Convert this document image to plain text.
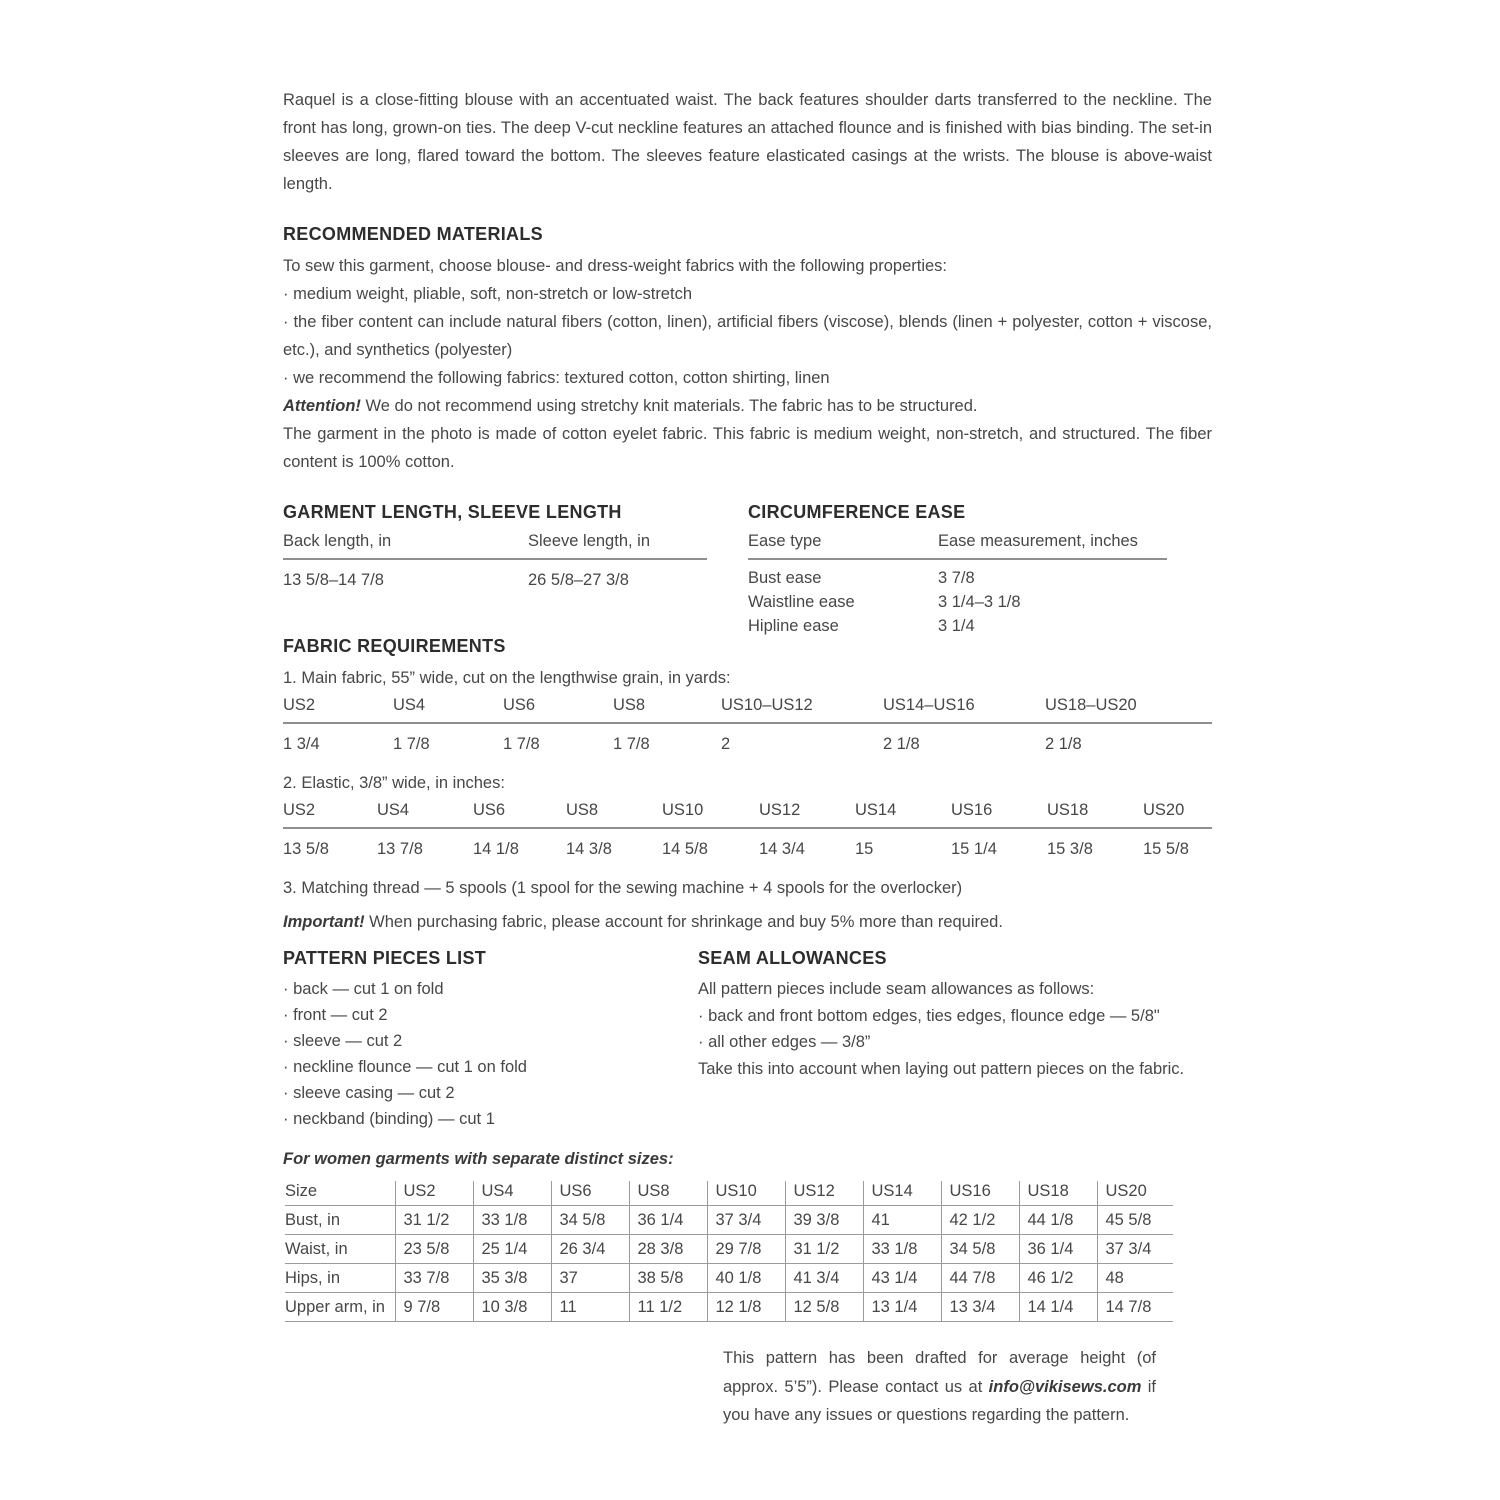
Raquel is a close-fitting blouse with an accentuated waist. The back features shoulder darts transferred to the neckline. The front has long, grown-on ties. The deep V-cut neckline features an attached flounce and is finished with bias binding. The set-in sleeves are long, flared toward the bottom. The sleeves feature elasticated casings at the wrists. The blouse is above-waist length.

RECOMMENDED MATERIALS

To sew this garment, choose blouse- and dress-weight fabrics with the following properties:

· medium weight, pliable, soft, non-stretch or low-stretch

· the fiber content can include natural fibers (cotton, linen), artificial fibers (viscose), blends (linen + polyester, cotton + viscose, etc.), and synthetics (polyester)

· we recommend the following fabrics: textured cotton, cotton shirting, linen

Attention! We do not recommend using stretchy knit materials. The fabric has to be structured.

The garment in the photo is made of cotton eyelet fabric. This fabric is medium weight, non-stretch, and structured. The fiber content is 100% cotton.

GARMENT LENGTH, SLEEVE LENGTH
Back length, in	Sleeve length, in
13 5/8–14 7/8	26 5/8–27 3/8
CIRCUMFERENCE EASE
Ease type	Ease measurement, inches
Bust ease	3 7/8
Waistline ease	3 1/4–3 1/8
Hipline ease	3 1/4
FABRIC REQUIREMENTS

1. Main fabric, 55” wide, cut on the lengthwise grain, in yards:

US2	US4	US6	US8	US10–US12	US14–US16	US18–US20
1 3/4	1 7/8	1 7/8	1 7/8	2	2 1/8	2 1/8

2. Elastic, 3/8” wide, in inches:

US2	US4	US6	US8	US10	US12	US14	US16	US18	US20
13 5/8	13 7/8	14 1/8	14 3/8	14 5/8	14 3/4	15	15 1/4	15 3/8	15 5/8

3. Matching thread — 5 spools (1 spool for the sewing machine + 4 spools for the overlocker)

Important! When purchasing fabric, please account for shrinkage and buy 5% more than required.

PATTERN PIECES LIST

· back — cut 1 on fold

· front — cut 2

· sleeve — cut 2

· neckline flounce — cut 1 on fold

· sleeve casing — cut 2

· neckband (binding) — cut 1

SEAM ALLOWANCES

All pattern pieces include seam allowances as follows:

· back and front bottom edges, ties edges, flounce edge — 5/8"

· all other edges — 3/8”

Take this into account when laying out pattern pieces on the fabric.

For women garments with separate distinct sizes:

Size	US2	US4	US6	US8	US10	US12	US14	US16	US18	US20
Bust, in	31 1/2	33 1/8	34 5/8	36 1/4	37 3/4	39 3/8	41	42 1/2	44 1/8	45 5/8
Waist, in	23 5/8	25 1/4	26 3/4	28 3/8	29 7/8	31 1/2	33 1/8	34 5/8	36 1/4	37 3/4
Hips, in	33 7/8	35 3/8	37	38 5/8	40 1/8	41 3/4	43 1/4	44 7/8	46 1/2	48
Upper arm, in	9 7/8	10 3/8	11	11 1/2	12 1/8	12 5/8	13 1/4	13 3/4	14 1/4	14 7/8

This pattern has been drafted for average height (of approx. 5’5”). Please contact us at info@vikisews.com if you have any issues or questions regarding the pattern.
